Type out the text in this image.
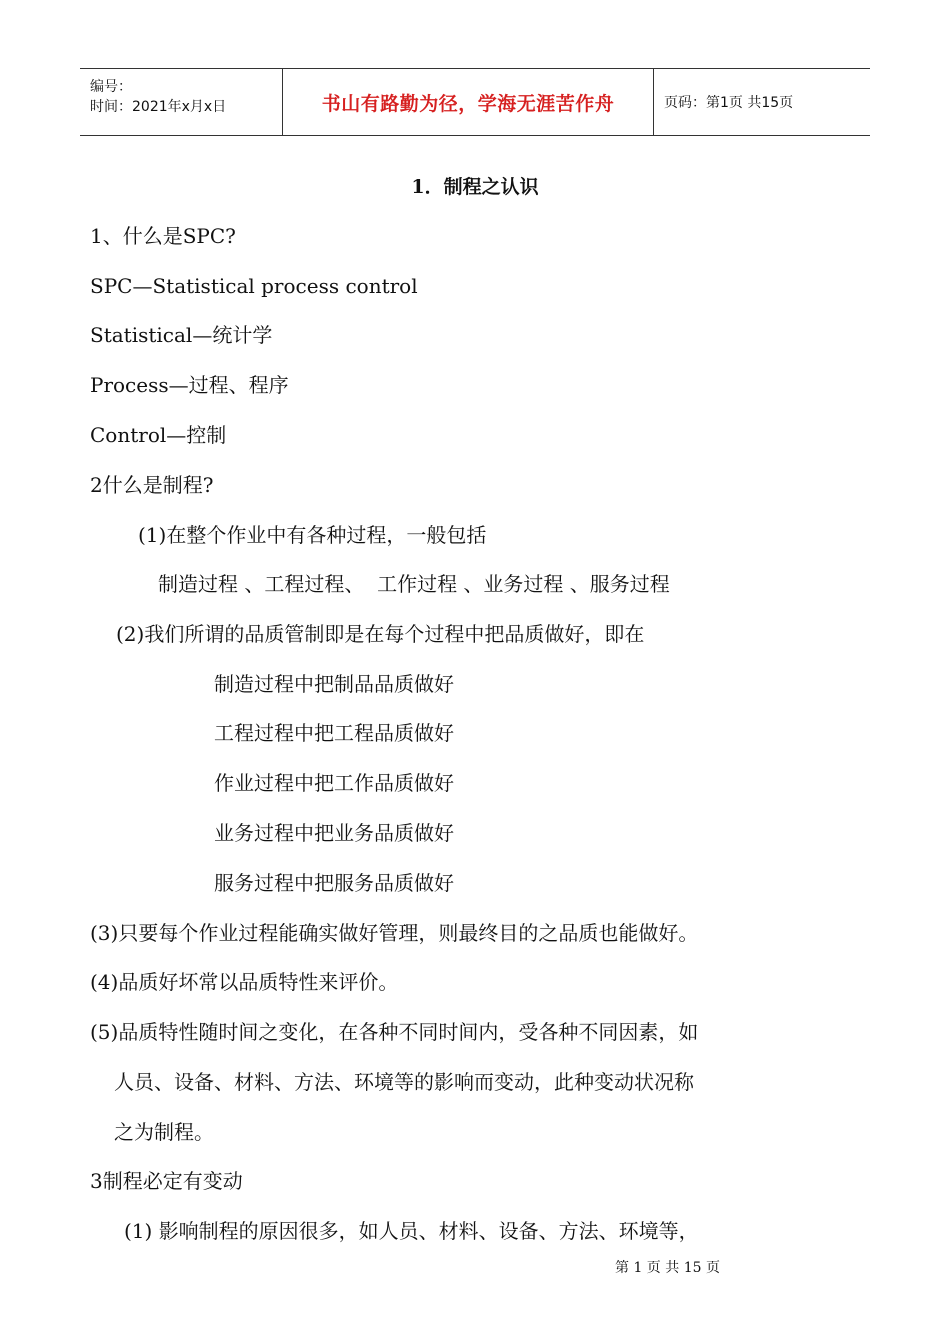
编号：
时间：2021年x月x日	书山有路勤为径，学海无涯苦作舟	页码：第1页 共15页
1．制程之认识
1、什么是SPC?
SPC—Statistical process control
Statistical—统计学
Process—过程、程序
Control—控制
2什么是制程?
(1)在整个作业中有各种过程，一般包括
制造过程 、工程过程、  工作过程 、业务过程 、服务过程
(2)我们所谓的品质管制即是在每个过程中把品质做好，即在
制造过程中把制品品质做好
工程过程中把工程品质做好
作业过程中把工作品质做好
业务过程中把业务品质做好
服务过程中把服务品质做好
(3)只要每个作业过程能确实做好管理，则最终目的之品质也能做好。
(4)品质好坏常以品质特性来评价。
(5)品质特性随时间之变化，在各种不同时间内，受各种不同因素，如
人员、设备、材料、方法、环境等的影响而变动，此种变动状况称
之为制程。
3制程必定有变动
(1) 影响制程的原因很多，如人员、材料、设备、方法、环境等，
第 1 页 共 15 页
